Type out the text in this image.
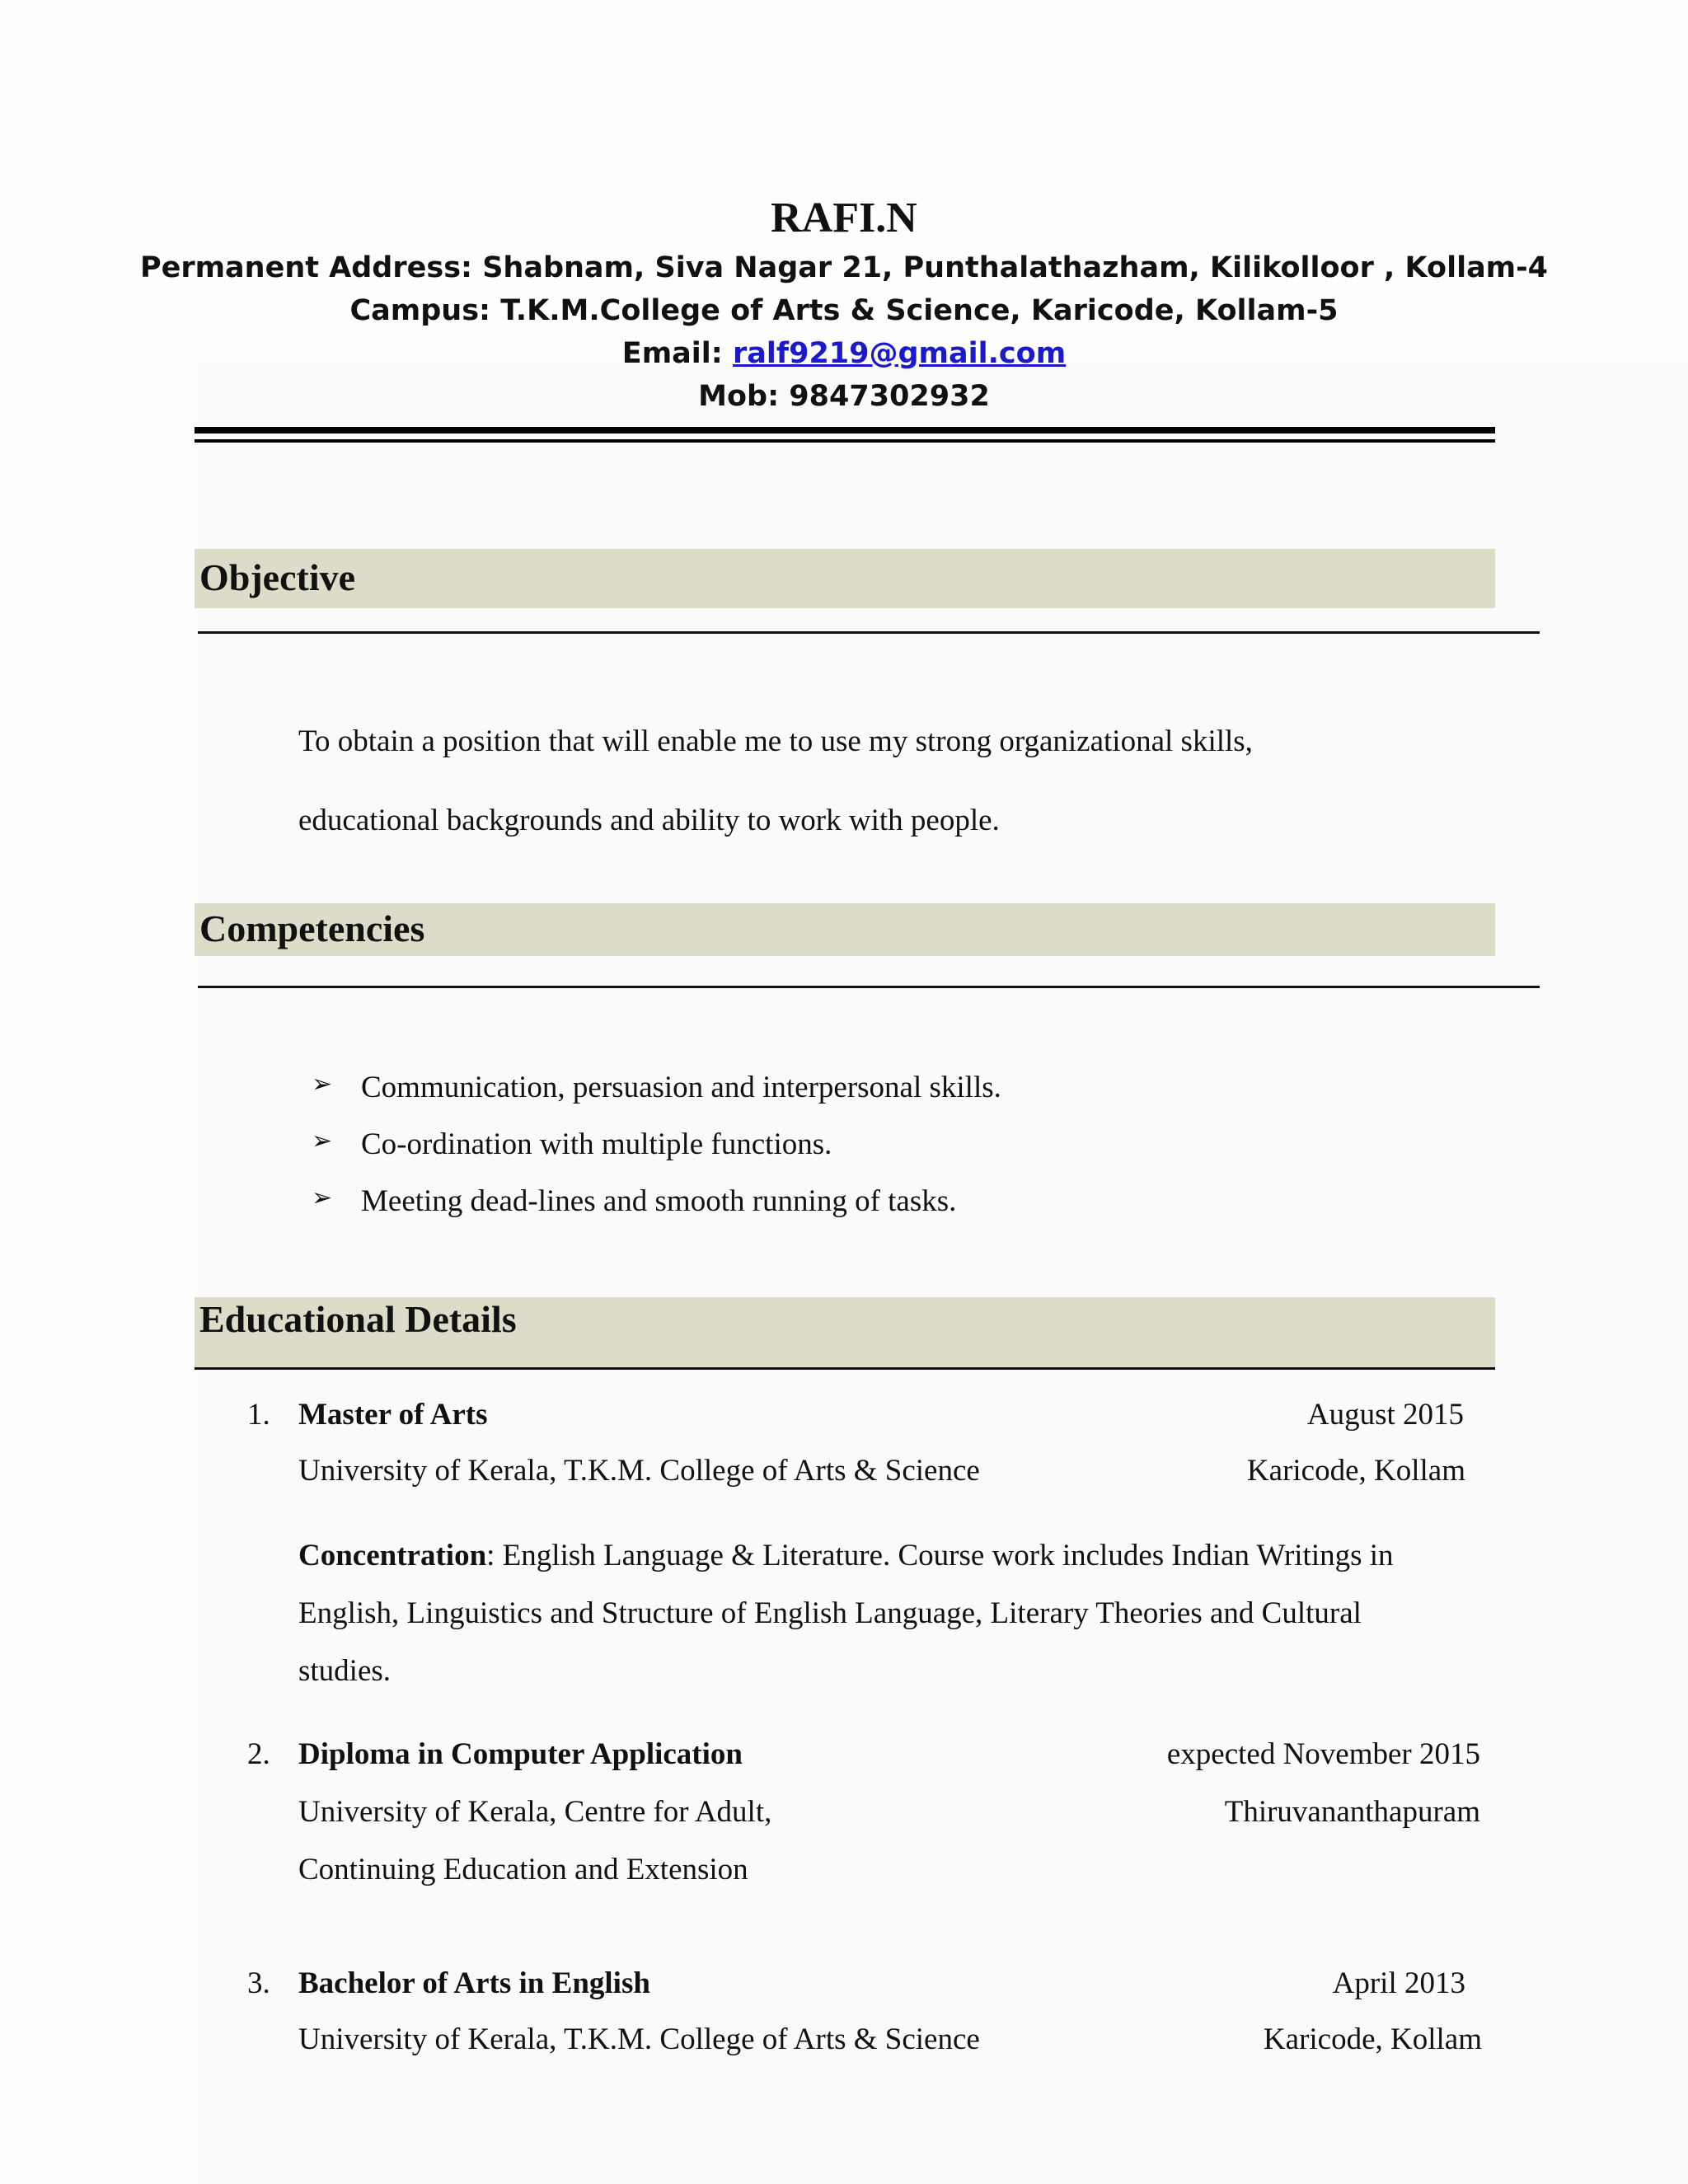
RAFI.N
Permanent Address: Shabnam, Siva Nagar 21, Punthalathazham, Kilikolloor , Kollam-4
Campus: T.K.M.College of Arts & Science, Karicode, Kollam-5
Email: ralf9219@gmail.com
Mob: 9847302932
Objective
To obtain a position that will enable me to use my strong organizational skills,
educational backgrounds and ability to work with people.
Competencies
➢ Communication, persuasion and interpersonal skills.
➢ Co-ordination with multiple functions.
➢ Meeting dead-lines and smooth running of tasks.
Educational Details
1. Master of Arts	August 2015
University of Kerala, T.K.M. College of Arts & Science	Karicode, Kollam
Concentration: English Language & Literature. Course work includes Indian Writings in
English, Linguistics and Structure of English Language, Literary Theories and Cultural
studies.
2. Diploma in Computer Application	expected November 2015
University of Kerala, Centre for Adult,	Thiruvananthapuram
Continuing Education and Extension
3. Bachelor of Arts in English	April 2013
University of Kerala, T.K.M. College of Arts & Science	Karicode, Kollam
